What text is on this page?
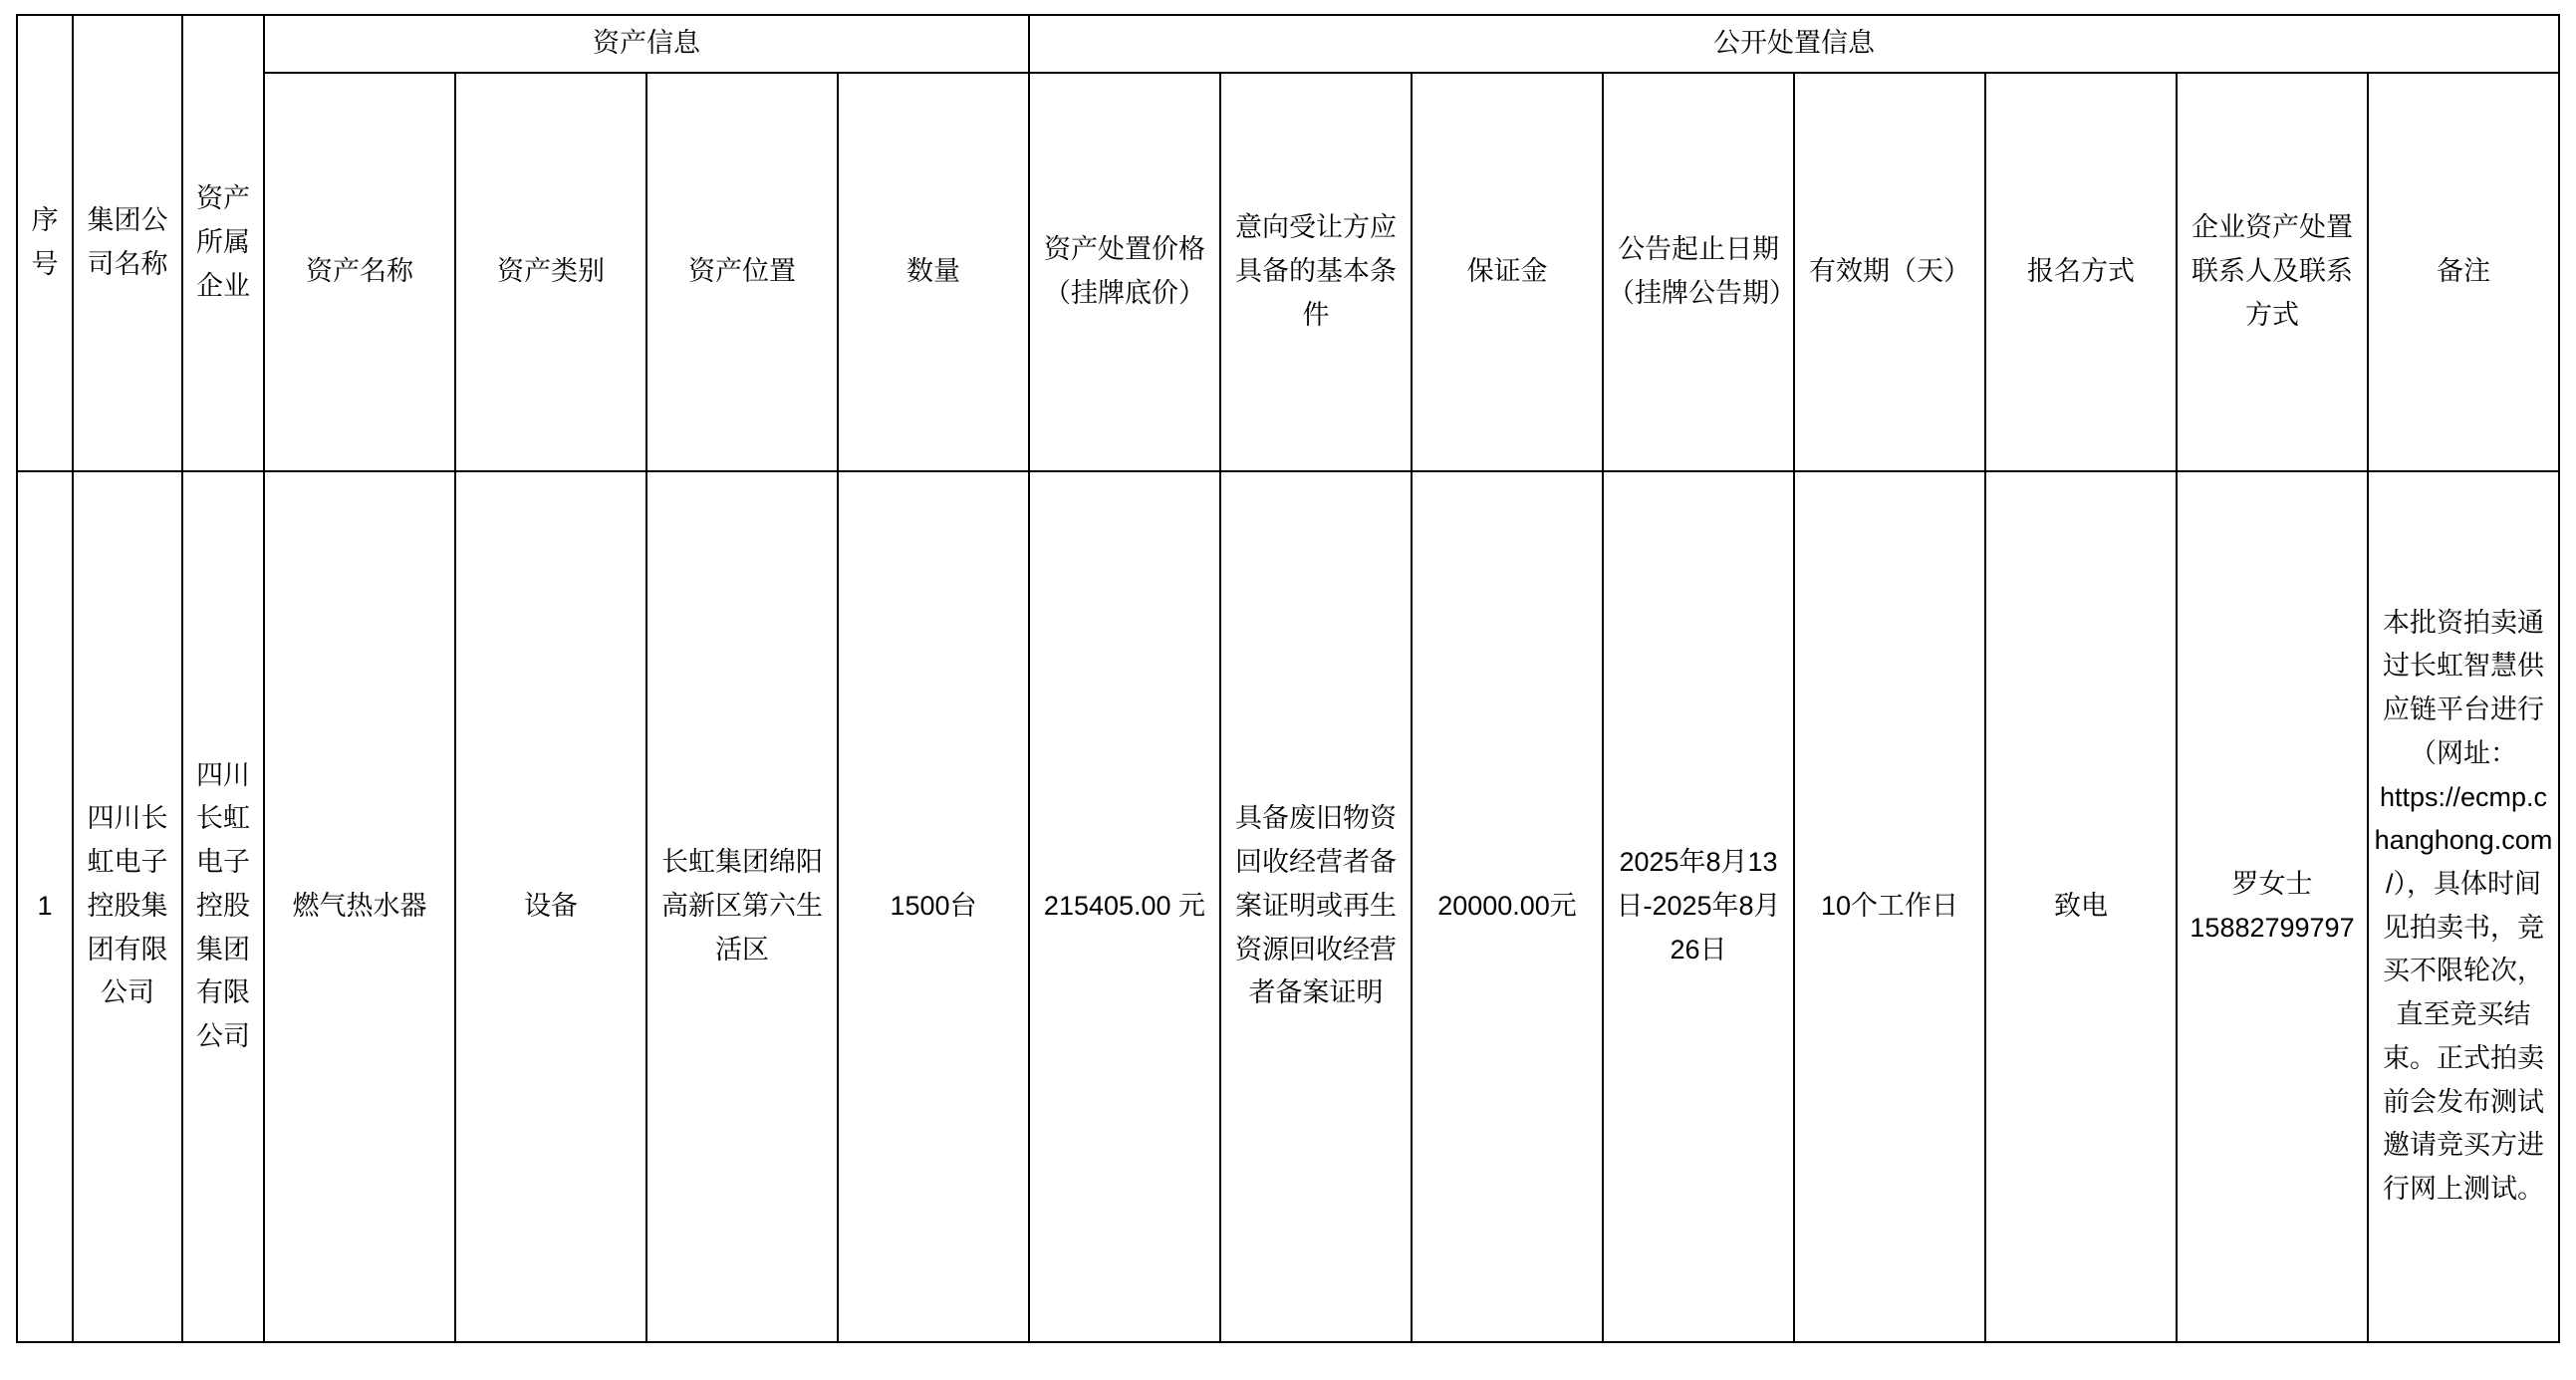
序号	集团公司名称	资产所属企业	资产信息				公开处置信息							
			资产名称	资产类别	资产位置	数量	资产处置价格（挂牌底价）	意向受让方应具备的基本条件	保证金	公告起止日期（挂牌公告期）	有效期（天）	报名方式	企业资产处置联系人及联系方式	备注
1	四川长虹电子控股集团有限公司	四川长虹电子控股集团有限公司	燃气热水器	设备	长虹集团绵阳高新区第六生活区	1500台	215405.00 元	具备废旧物资回收经营者备案证明或再生资源回收经营者备案证明	20000.00元	2025年8月13日-2025年8月26日	10个工作日	致电	罗女士15882799797	本批资拍卖通过长虹智慧供应链平台进行（网址：https://ecmp.changhong.com/），具体时间见拍卖书，竞买不限轮次，直至竞买结束。正式拍卖前会发布测试邀请竞买方进行网上测试。
